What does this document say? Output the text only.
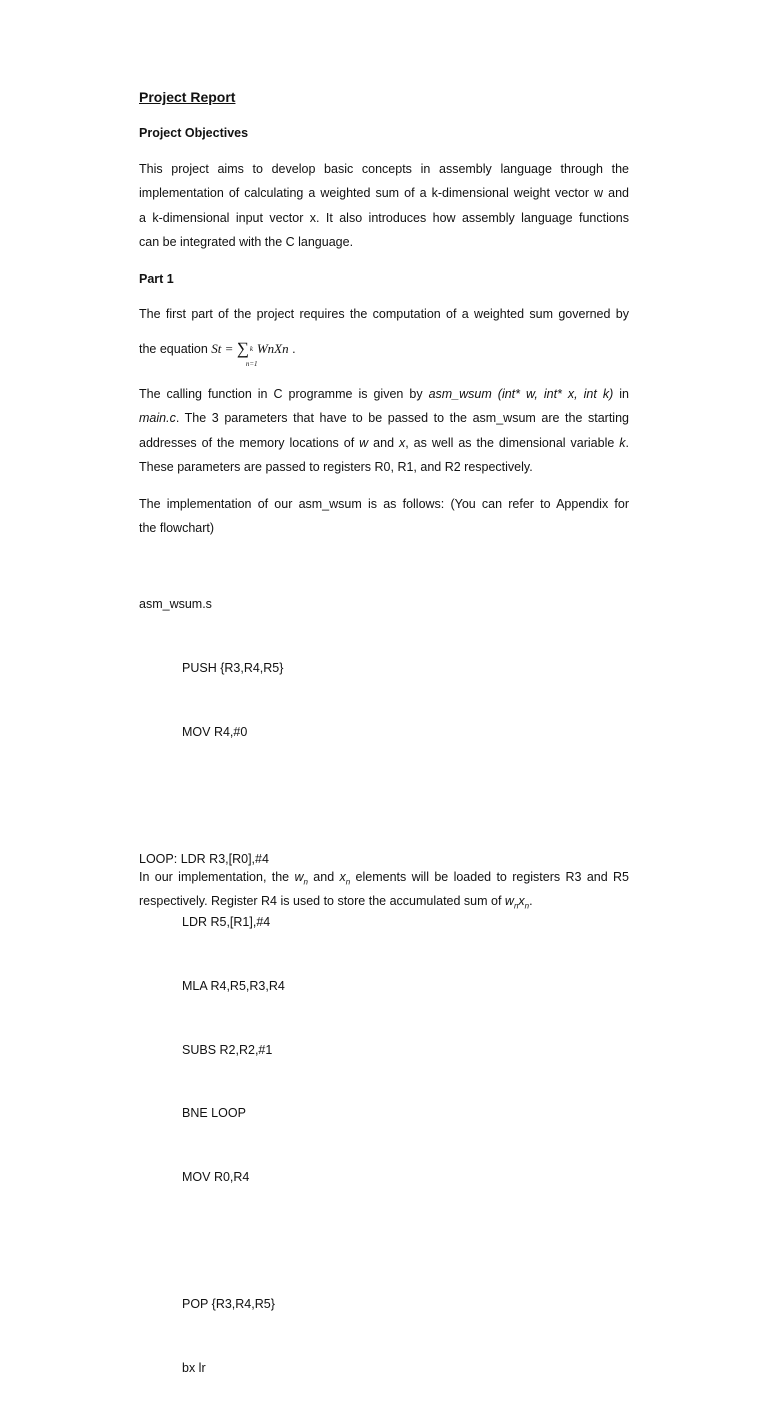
Project Report
Project Objectives
This project aims to develop basic concepts in assembly language through the
implementation of calculating a weighted sum of a k-dimensional weight vector w and
a k-dimensional input vector x. It also introduces how assembly language functions
can be integrated with the C language.
Part 1
The first part of the project requires the computation of a weighted sum governed by
the equation St = ∑ k
n=1
WnXn .
The calling function in C programme is given by asm_wsum (int* w, int* x, int k) in
main.c. The 3 parameters that have to be passed to the asm_wsum are the starting
addresses of the memory locations of w and x, as well as the dimensional variable k.
These parameters are passed to registers R0, R1, and R2 respectively.
The implementation of our asm_wsum is as follows: (You can refer to Appendix for
the flowchart)

asm_wsum.s

PUSH {R3,R4,R5}

MOV R4,#0

LOOP: LDR R3,[R0],#4

LDR R5,[R1],#4

MLA R4,R5,R3,R4

SUBS R2,R2,#1

BNE LOOP

MOV R0,R4

POP {R3,R4,R5}

bx lr

In our implementation, the $w_n$ and $x_n$ elements will be loaded to registers R3 and R5
respectively. Register R4 is used to store the accumulated sum of $w_nx_n$.
